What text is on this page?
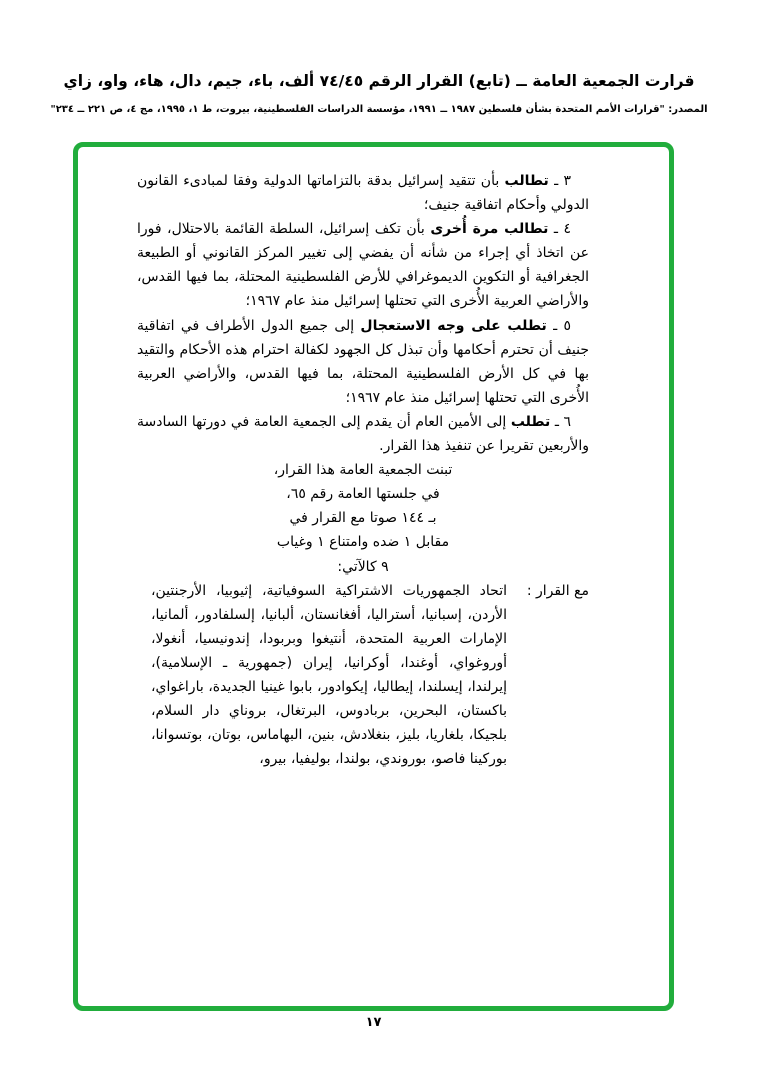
قرارت الجمعية العامة ــ (تابع) القرار الرقم ٧٤/٤٥ ألف، باء، جيم، دال، هاء، واو، زاي
المصدر: "قرارات الأمم المتحدة بشأن فلسطين ١٩٨٧ ــ ١٩٩١، مؤسسة الدراسات الفلسطينية، بيروت، ط ١، ١٩٩٥، مج ٤، ص ٢٢١ ــ ٢٣٤"

٣ ـ تطالب بأن تتقيد إسرائيل بدقة بالتزاماتها الدولية وفقا لمبادىء القانون الدولي وأحكام اتفاقية جنيف؛

٤ ـ تطالب مرة أُخرى بأن تكف إسرائيل، السلطة القائمة بالاحتلال، فورا عن اتخاذ أي إجراء من شأنه أن يفضي إلى تغيير المركز القانوني أو الطبيعة الجغرافية أو التكوين الديموغرافي للأرض الفلسطينية المحتلة، بما فيها القدس، والأراضي العربية الأُخرى التي تحتلها إسرائيل منذ عام ١٩٦٧؛

٥ ـ تطلب على وجه الاستعجال إلى جميع الدول الأطراف في اتفاقية جنيف أن تحترم أحكامها وأن تبذل كل الجهود لكفالة احترام هذه الأحكام والتقيد بها في كل الأرض الفلسطينية المحتلة، بما فيها القدس، والأراضي العربية الأُخرى التي تحتلها إسرائيل منذ عام ١٩٦٧؛

٦ ـ تطلب إلى الأمين العام أن يقدم إلى الجمعية العامة في دورتها السادسة والأربعين تقريرا عن تنفيذ هذا القرار.

تبنت الجمعية العامة هذا القرار،

في جلستها العامة رقم ٦٥،

بـ ١٤٤ صوتا مع القرار في

مقابل ١ ضده وامتناع ١ وغياب

٩ كالآتي:

مع القرار :
اتحاد الجمهوريات الاشتراكية السوفياتية، إثيوبيا، الأرجنتين، الأردن، إسبانيا، أستراليا، أفغانستان، ألبانيا، إلسلفادور، ألمانيا، الإمارات العربية المتحدة، أنتيغوا وبربودا، إندونيسيا، أنغولا، أوروغواي، أوغندا، أوكرانيا، إيران (جمهورية ـ الإسلامية)، إيرلندا، إيسلندا، إيطاليا، إيكوادور، بابوا غينيا الجديدة، باراغواي، باكستان، البحرين، بربادوس، البرتغال، بروناي دار السلام، بلجيكا، بلغاريا، بليز، بنغلادش، بنين، البهاماس، بوتان، بوتسوانا، بوركينا فاصو، بوروندي، بولندا، بوليفيا، بيرو،
١٧
